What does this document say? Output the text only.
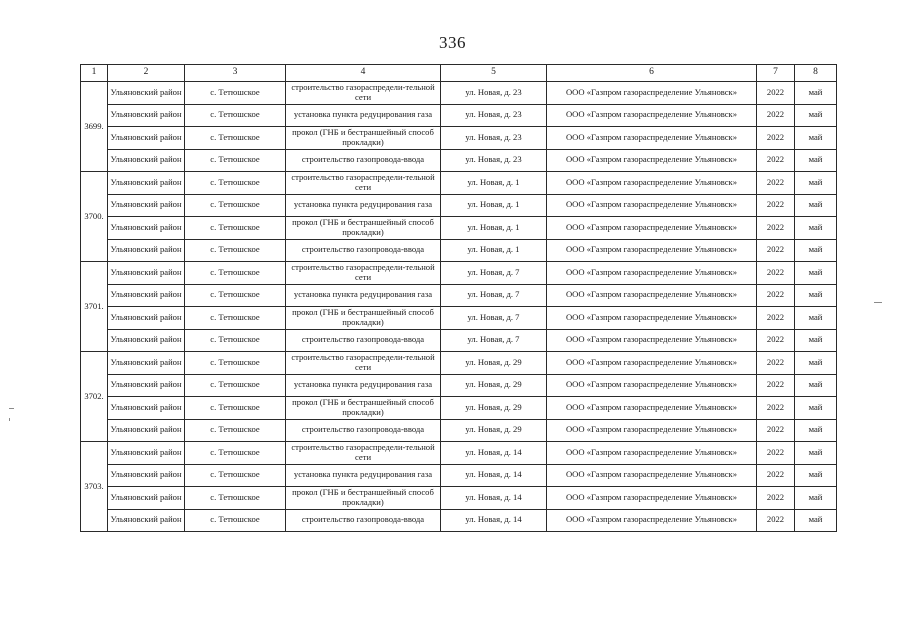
336
1	2	3	4	5	6	7	8
3699.	Ульяновский район	с. Тетюшское	строительство газораспредели-тельной сети	ул. Новая, д. 23	ООО «Газпром газораспределение Ульяновск»	2022	май
	Ульяновский район	с. Тетюшское	установка пункта редуцирования газа	ул. Новая, д. 23	ООО «Газпром газораспределение Ульяновск»	2022	май
	Ульяновский район	с. Тетюшское	прокол (ГНБ и бестраншейный способ прокладки)	ул. Новая, д. 23	ООО «Газпром газораспределение Ульяновск»	2022	май
	Ульяновский район	с. Тетюшское	строительство газопровода-ввода	ул. Новая, д. 23	ООО «Газпром газораспределение Ульяновск»	2022	май
3700.	Ульяновский район	с. Тетюшское	строительство газораспредели-тельной сети	ул. Новая, д. 1	ООО «Газпром газораспределение Ульяновск»	2022	май
	Ульяновский район	с. Тетюшское	установка пункта редуцирования газа	ул. Новая, д. 1	ООО «Газпром газораспределение Ульяновск»	2022	май
	Ульяновский район	с. Тетюшское	прокол (ГНБ и бестраншейный способ прокладки)	ул. Новая, д. 1	ООО «Газпром газораспределение Ульяновск»	2022	май
	Ульяновский район	с. Тетюшское	строительство газопровода-ввода	ул. Новая, д. 1	ООО «Газпром газораспределение Ульяновск»	2022	май
3701.	Ульяновский район	с. Тетюшское	строительство газораспредели-тельной сети	ул. Новая, д. 7	ООО «Газпром газораспределение Ульяновск»	2022	май
	Ульяновский район	с. Тетюшское	установка пункта редуцирования газа	ул. Новая, д. 7	ООО «Газпром газораспределение Ульяновск»	2022	май
	Ульяновский район	с. Тетюшское	прокол (ГНБ и бестраншейный способ прокладки)	ул. Новая, д. 7	ООО «Газпром газораспределение Ульяновск»	2022	май
	Ульяновский район	с. Тетюшское	строительство газопровода-ввода	ул. Новая, д. 7	ООО «Газпром газораспределение Ульяновск»	2022	май
3702.	Ульяновский район	с. Тетюшское	строительство газораспредели-тельной сети	ул. Новая, д. 29	ООО «Газпром газораспределение Ульяновск»	2022	май
	Ульяновский район	с. Тетюшское	установка пункта редуцирования газа	ул. Новая, д. 29	ООО «Газпром газораспределение Ульяновск»	2022	май
	Ульяновский район	с. Тетюшское	прокол (ГНБ и бестраншейный способ прокладки)	ул. Новая, д. 29	ООО «Газпром газораспределение Ульяновск»	2022	май
	Ульяновский район	с. Тетюшское	строительство газопровода-ввода	ул. Новая, д. 29	ООО «Газпром газораспределение Ульяновск»	2022	май
3703.	Ульяновский район	с. Тетюшское	строительство газораспредели-тельной сети	ул. Новая, д. 14	ООО «Газпром газораспределение Ульяновск»	2022	май
	Ульяновский район	с. Тетюшское	установка пункта редуцирования газа	ул. Новая, д. 14	ООО «Газпром газораспределение Ульяновск»	2022	май
	Ульяновский район	с. Тетюшское	прокол (ГНБ и бестраншейный способ прокладки)	ул. Новая, д. 14	ООО «Газпром газораспределение Ульяновск»	2022	май
	Ульяновский район	с. Тетюшское	строительство газопровода-ввода	ул. Новая, д. 14	ООО «Газпром газораспределение Ульяновск»	2022	май
